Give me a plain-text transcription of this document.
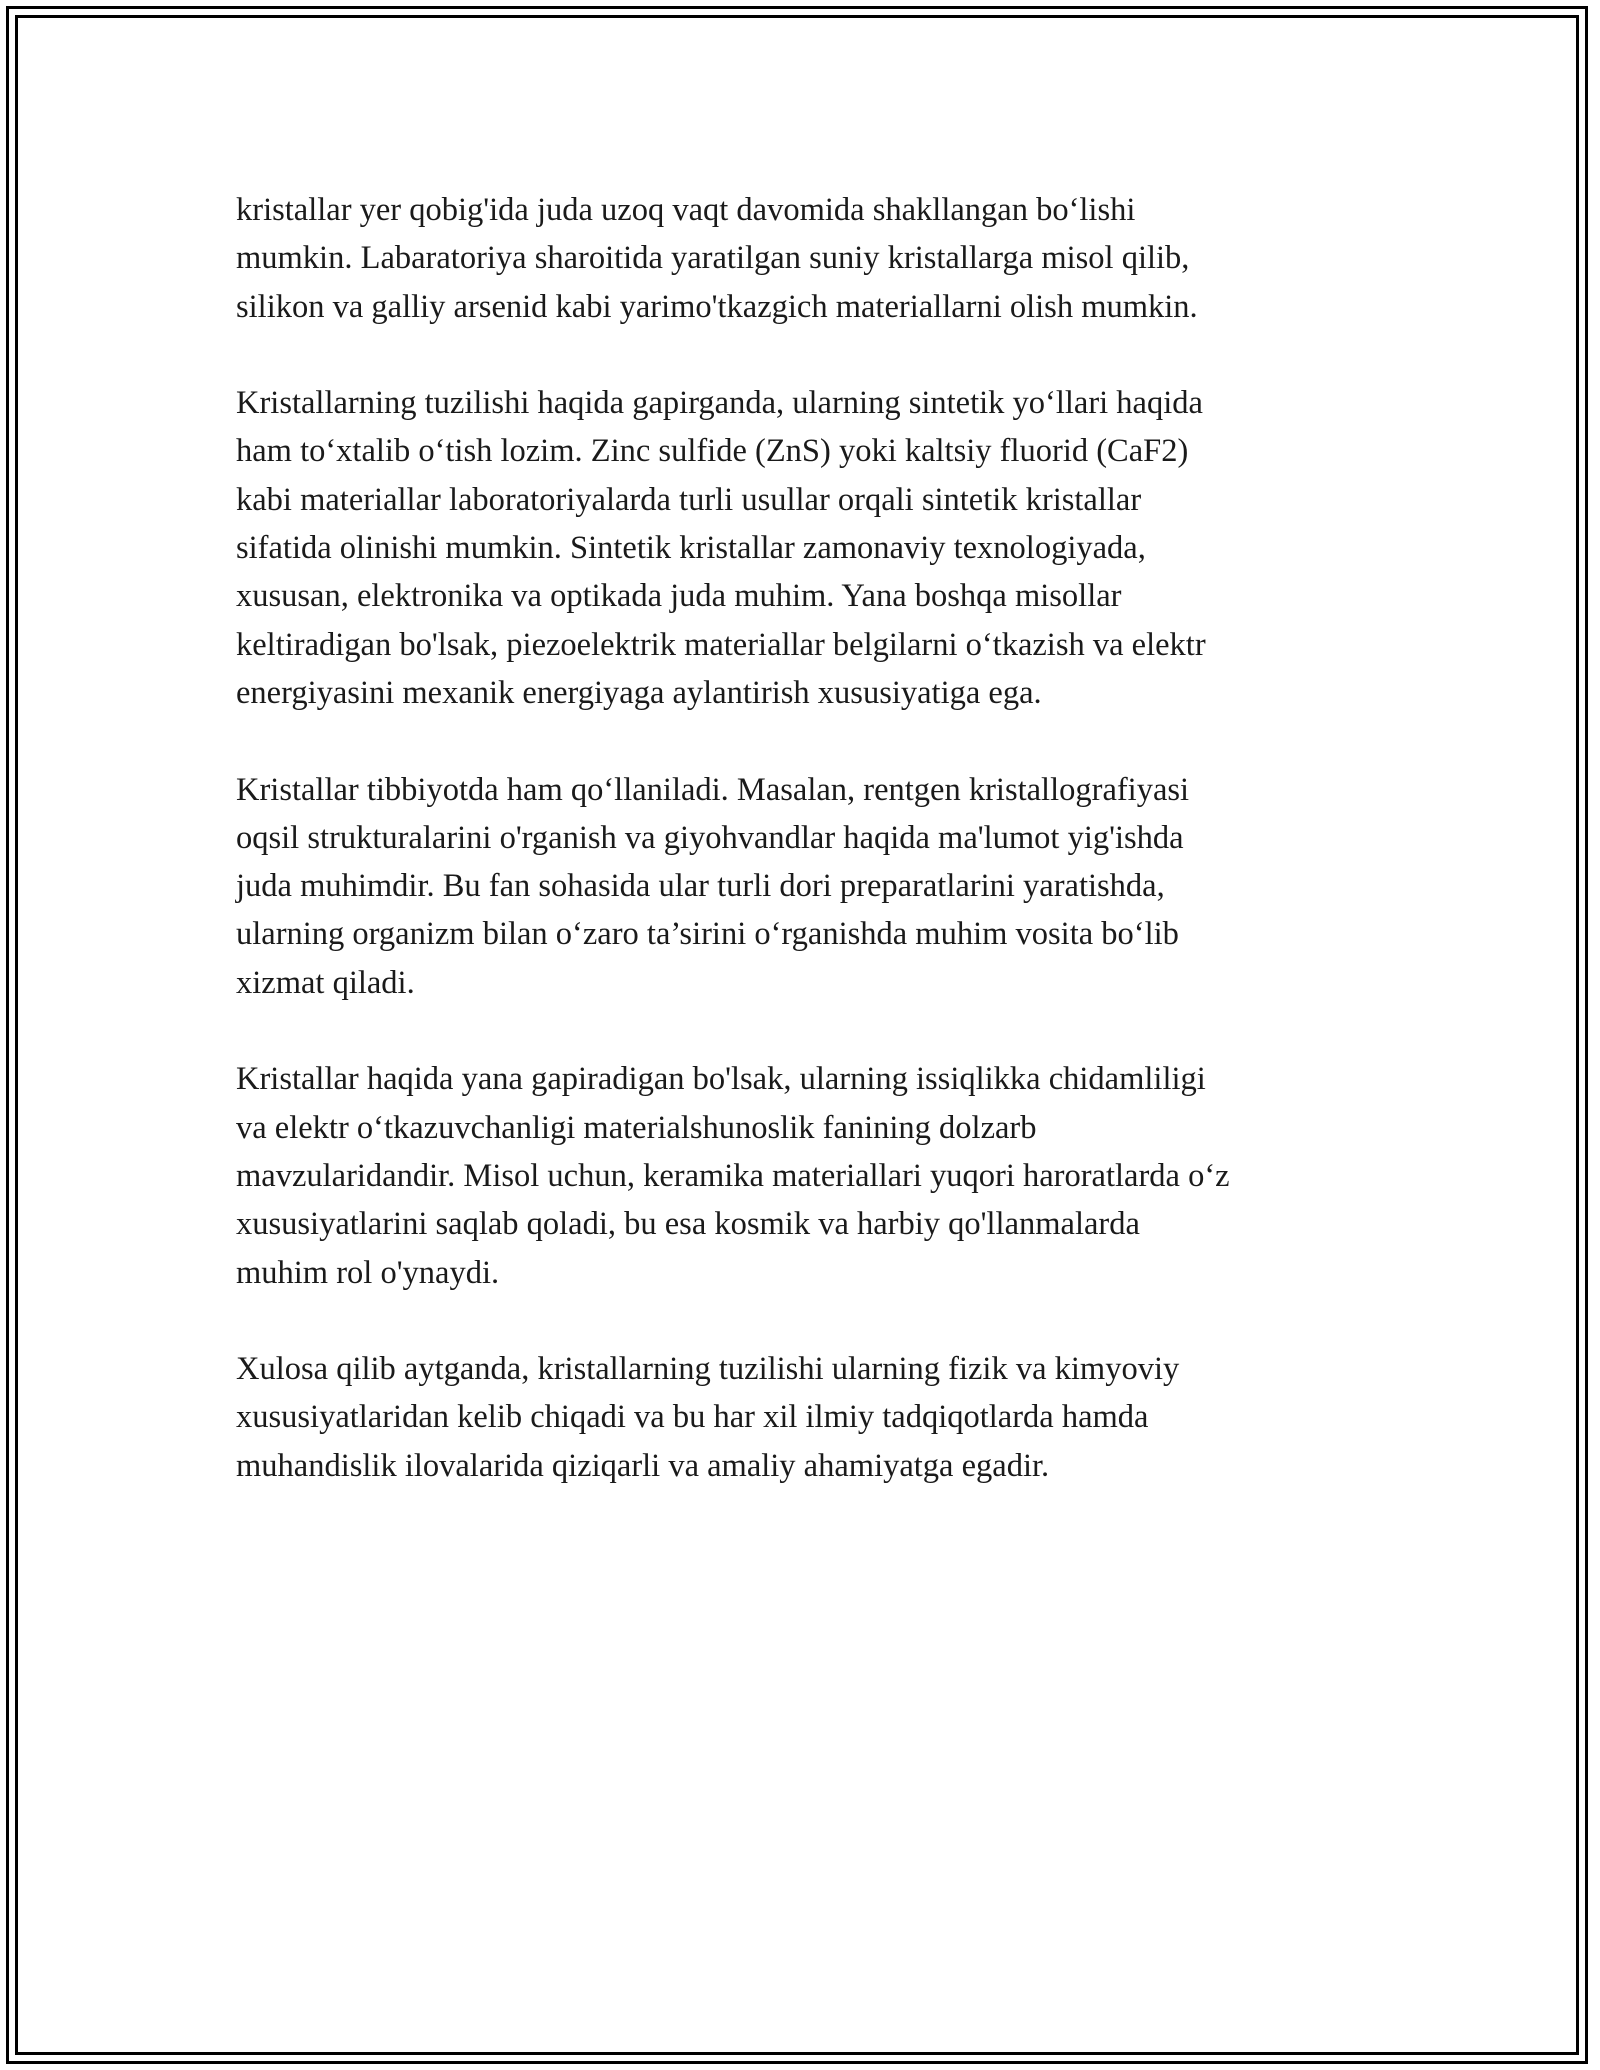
kristallar yer qobig'ida juda uzoq vaqt davomida shakllangan bo‘lishi
mumkin. Labaratoriya sharoitida yaratilgan suniy kristallarga misol qilib,
silikon va galliy arsenid kabi yarimo'tkazgich materiallarni olish mumkin.

Kristallarning tuzilishi haqida gapirganda, ularning sintetik yo‘llari haqida
ham to‘xtalib o‘tish lozim. Zinc sulfide (ZnS) yoki kaltsiy fluorid (CaF2)
kabi materiallar laboratoriyalarda turli usullar orqali sintetik kristallar
sifatida olinishi mumkin. Sintetik kristallar zamonaviy texnologiyada,
xususan, elektronika va optikada juda muhim. Yana boshqa misollar
keltiradigan bo'lsak, piezoelektrik materiallar belgilarni o‘tkazish va elektr
energiyasini mexanik energiyaga aylantirish xususiyatiga ega.

Kristallar tibbiyotda ham qo‘llaniladi. Masalan, rentgen kristallografiyasi
oqsil strukturalarini o'rganish va giyohvandlar haqida ma'lumot yig'ishda
juda muhimdir. Bu fan sohasida ular turli dori preparatlarini yaratishda,
ularning organizm bilan o‘zaro ta’sirini o‘rganishda muhim vosita bo‘lib
xizmat qiladi.

Kristallar haqida yana gapiradigan bo'lsak, ularning issiqlikka chidamliligi
va elektr o‘tkazuvchanligi materialshunoslik fanining dolzarb
mavzularidandir. Misol uchun, keramika materiallari yuqori haroratlarda o‘z
xususiyatlarini saqlab qoladi, bu esa kosmik va harbiy qo'llanmalarda
muhim rol o'ynaydi.

Xulosa qilib aytganda, kristallarning tuzilishi ularning fizik va kimyoviy
xususiyatlaridan kelib chiqadi va bu har xil ilmiy tadqiqotlarda hamda
muhandislik ilovalarida qiziqarli va amaliy ahamiyatga egadir.
